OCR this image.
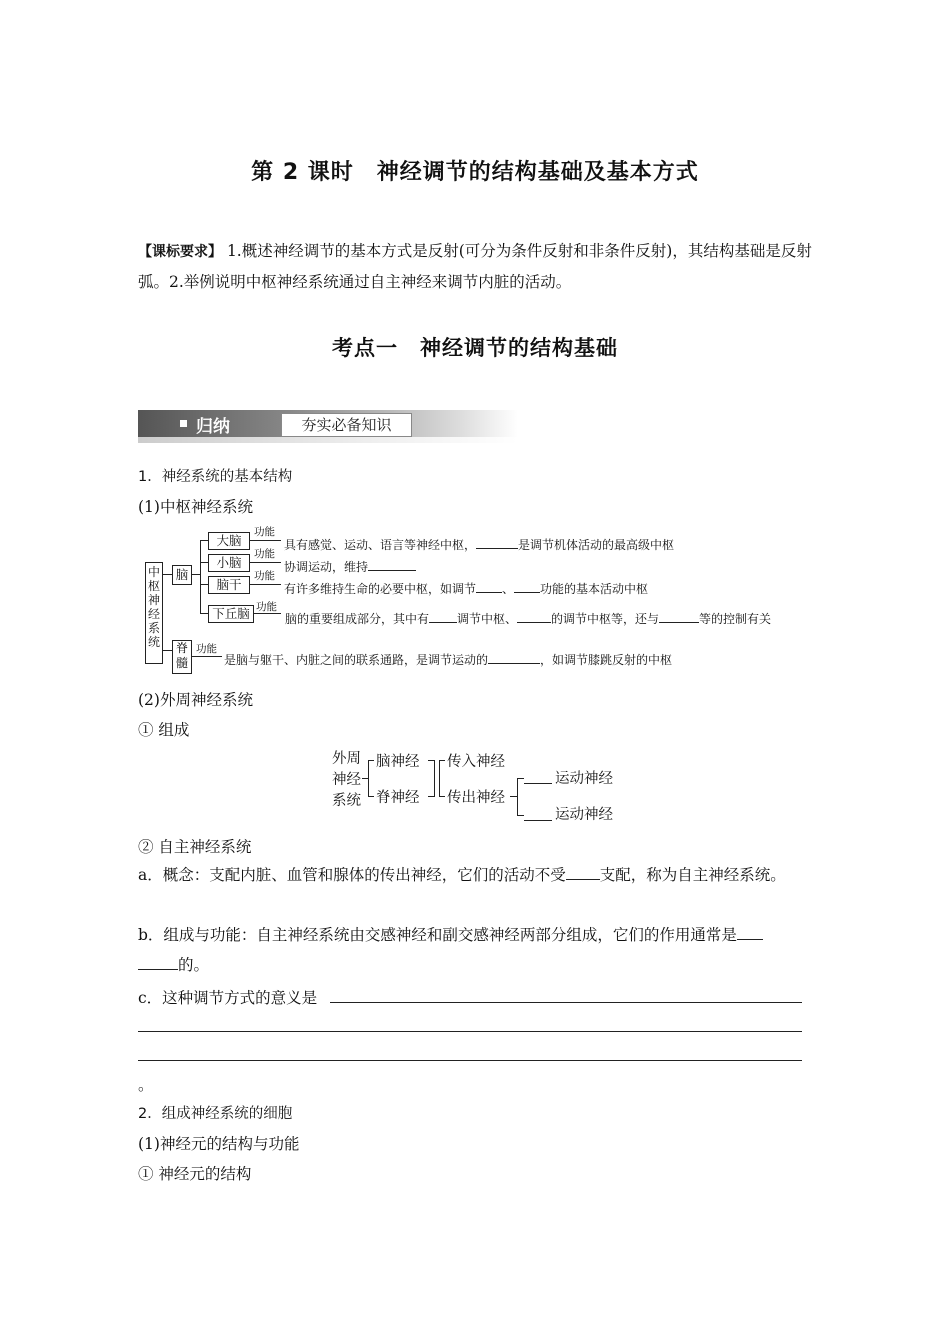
第 2 课时　神经调节的结构基础及基本方式
【课标要求】 1.概述神经调节的基本方式是反射(可分为条件反射和非条件反射)，其结构基础是反射弧。2.举例说明中枢神经系统通过自主神经来调节内脏的活动。
考点一　神经调节的结构基础
归纳	夯实必备知识
1．神经系统的基本结构
(1)中枢神经系统
中枢神经系统
脑
脊髓
大脑
小脑
脑干
下丘脑
功能
功能
功能
功能
具有感觉、运动、语言等神经中枢，	是调节机体活动的最高级中枢
协调运动，维持
有许多维持生命的必要中枢，如调节 、 功能的基本活动中枢
脑的重要组成部分，其中有 调节中枢、	的调节中枢等，还与	等的控制有关
功能
是脑与躯干、内脏之间的联系通路，是调节运动的	，如调节膝跳反射的中枢
(2)外周神经系统
① 组成
外周
神经
系统
脑神经
脊神经
传入神经
传出神经
运动神经
运动神经
② 自主神经系统
a．概念：支配内脏、血管和腺体的传出神经，它们的活动不受 支配，称为自主神经系统。
b．组成与功能：自主神经系统由交感神经和副交感神经两部分组成，它们的作用通常是
的。
c．这种调节方式的意义是
。
2．组成神经系统的细胞
(1)神经元的结构与功能
① 神经元的结构
